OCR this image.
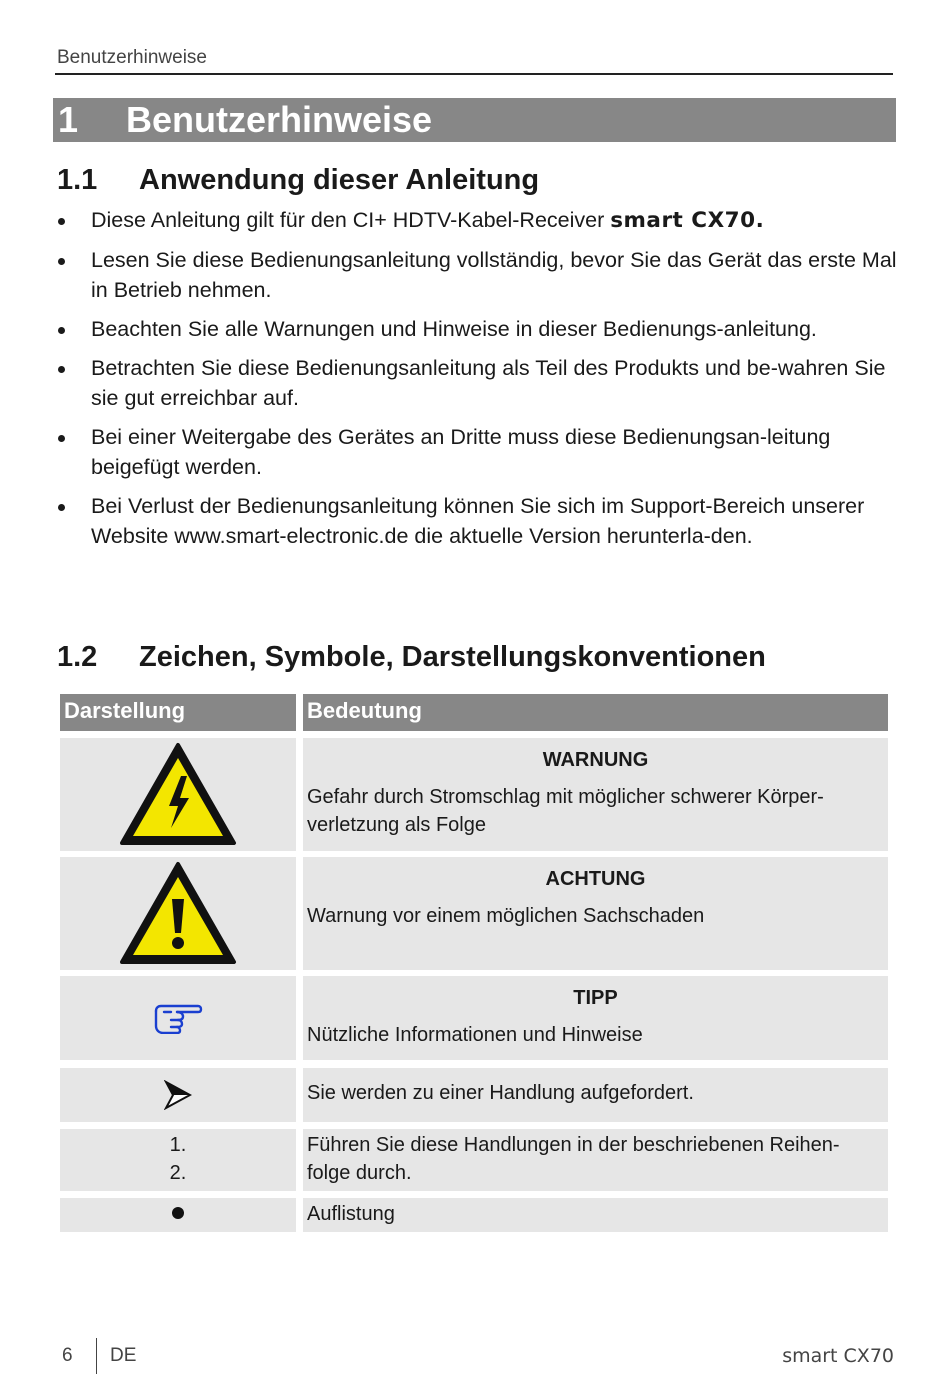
Benutzerhinweise
1 Benutzerhinweise
1.1 Anwendung dieser Anleitung
Diese Anleitung gilt für den CI+ HDTV-Kabel-Receiver smart CX70.
Lesen Sie diese Bedienungsanleitung vollständig, bevor Sie das Gerät das erste Mal in Betrieb nehmen.
Beachten Sie alle Warnungen und Hinweise in dieser Bedienungs-anleitung.
Betrachten Sie diese Bedienungsanleitung als Teil des Produkts und be-wahren Sie sie gut erreichbar auf.
Bei einer Weitergabe des Gerätes an Dritte muss diese Bedienungsan-leitung beigefügt werden.
Bei Verlust der Bedienungsanleitung können Sie sich im Support-Bereich unserer Website www.smart-electronic.de die aktuelle Version herunterla-den.
1.2 Zeichen, Symbole, Darstellungskonventionen
Darstellung	Bedeutung
WARNUNG
Gefahr durch Stromschlag mit möglicher schwerer Körper-verletzung als Folge
ACHTUNG
Warnung vor einem möglichen Sachschaden
TIPP
Nützliche Informationen und Hinweise
Sie werden zu einer Handlung aufgefordert.
1.
2.
Führen Sie diese Handlungen in der beschriebenen Reihen-folge durch.
Auflistung
6 DE	smart CX70
